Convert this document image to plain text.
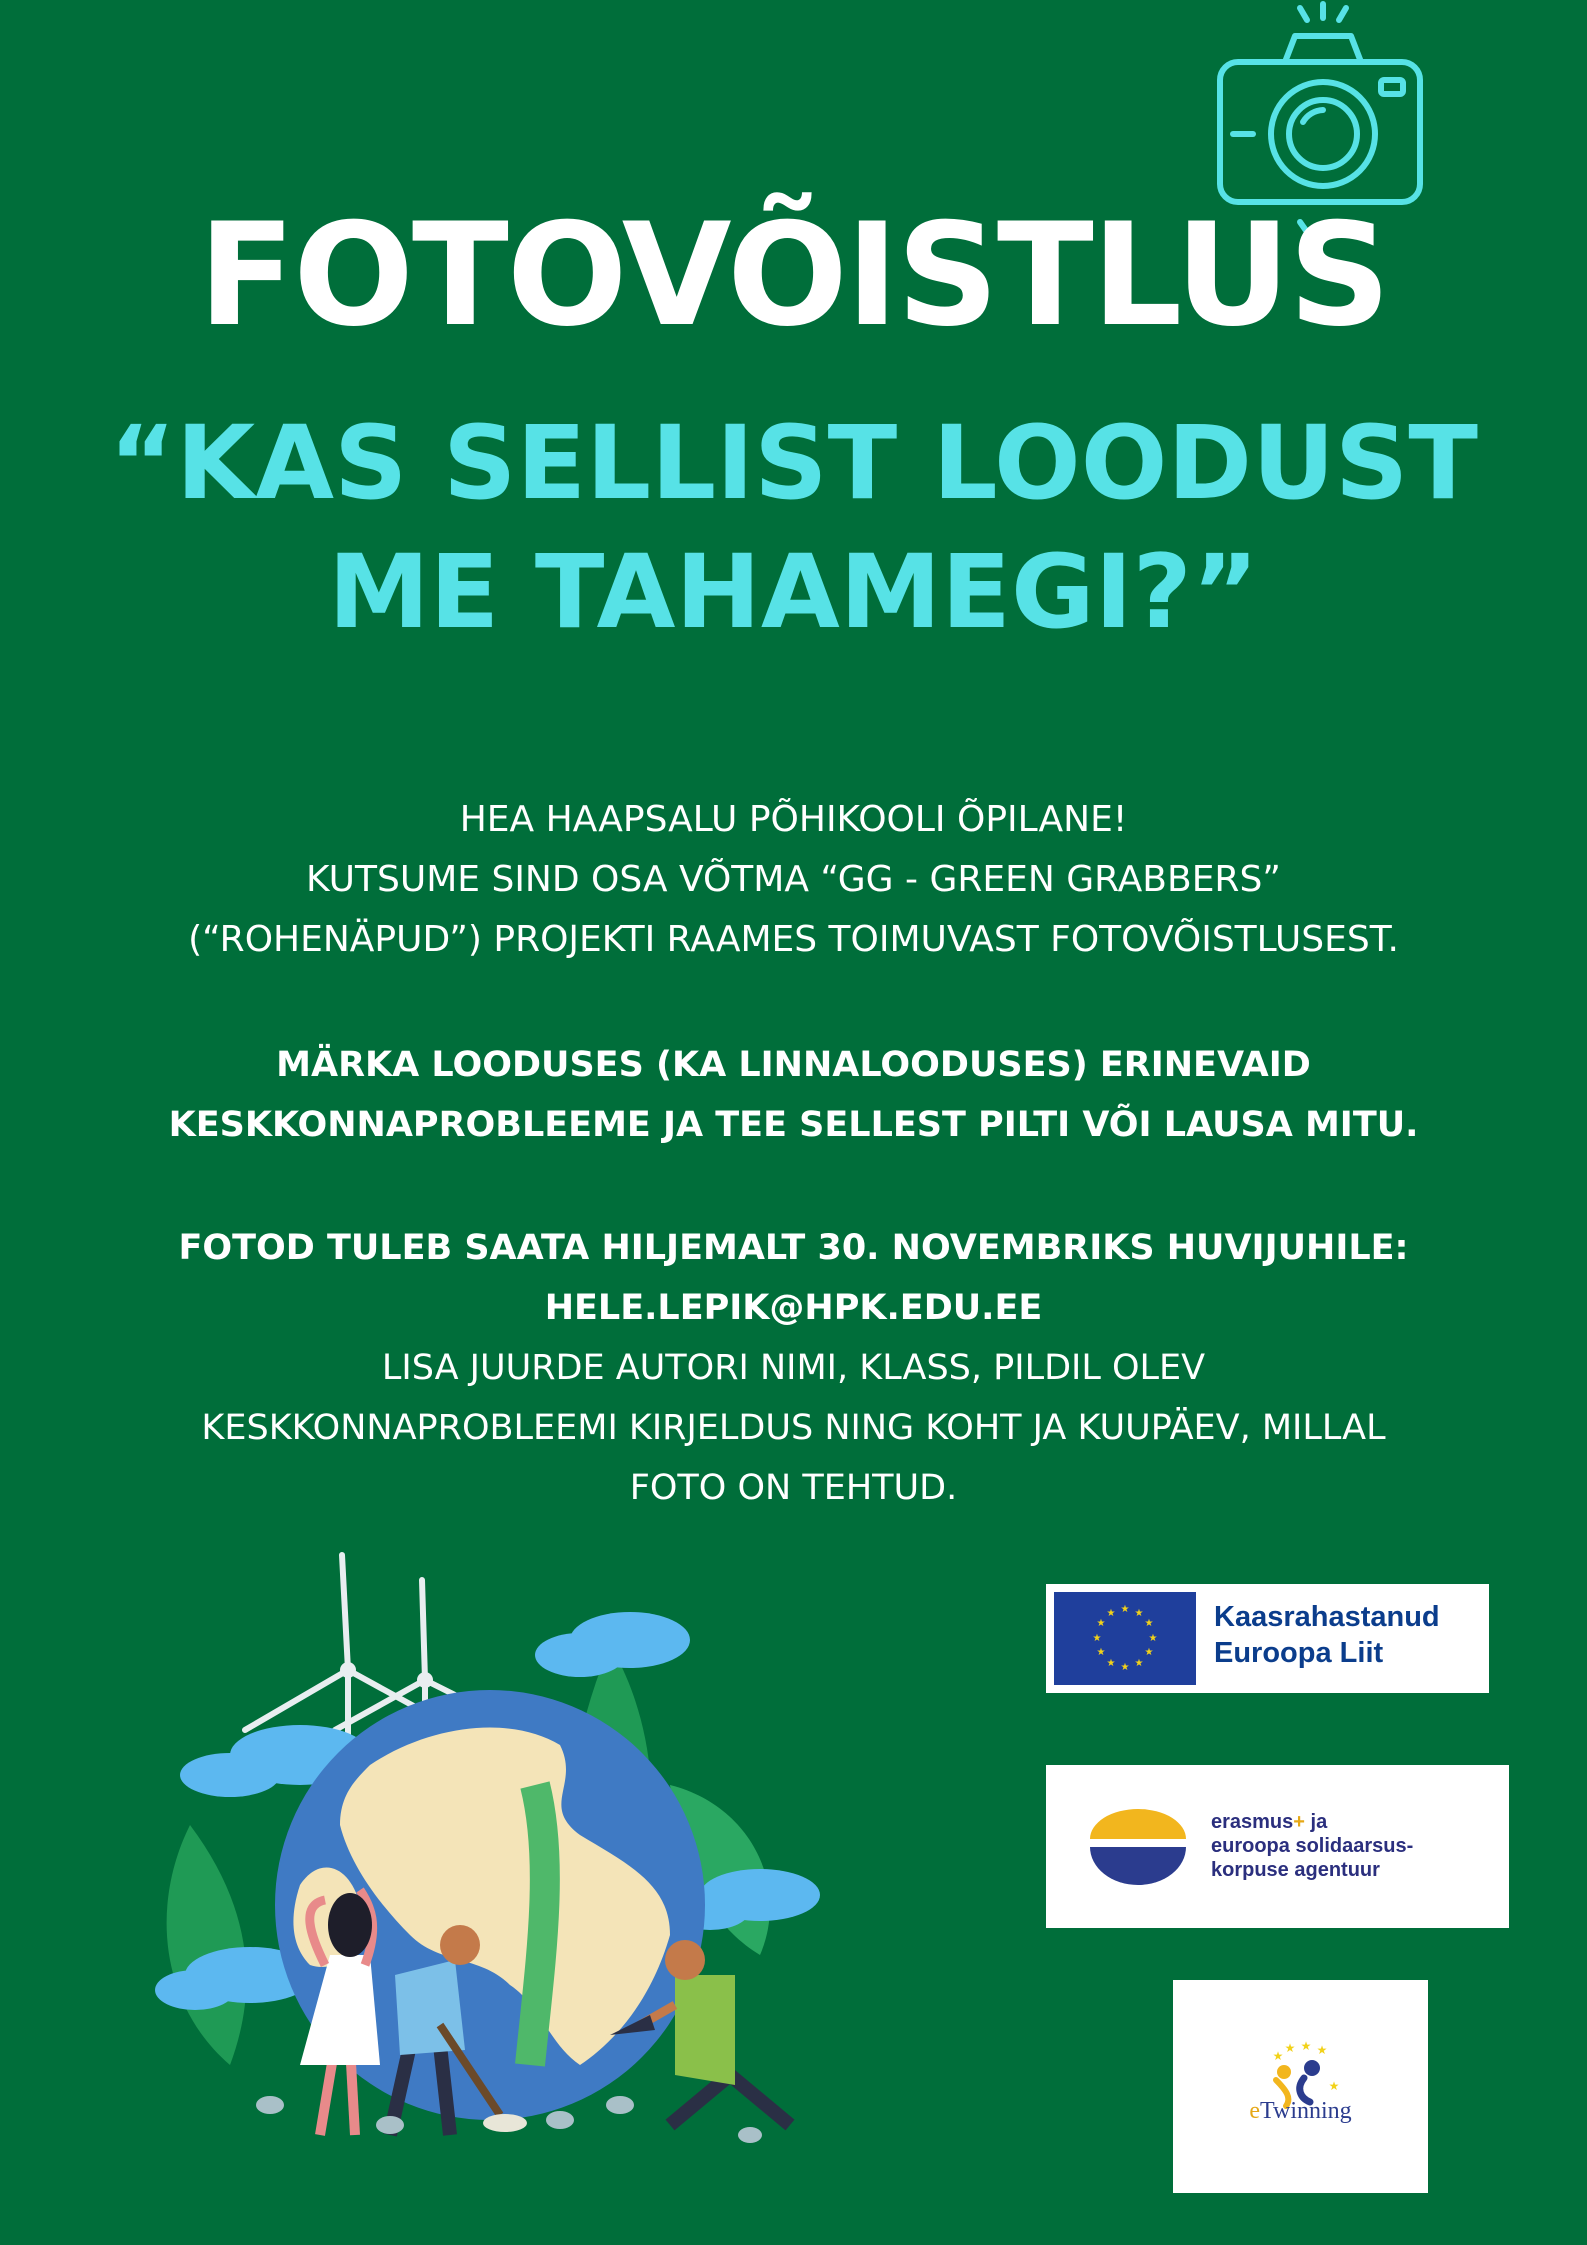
FOTOVÕISTLUS
“KAS SELLIST LOODUST
ME TAHAMEGI?”
HEA HAAPSALU PÕHIKOOLI ÕPILANE!
KUTSUME SIND OSA VÕTMA “GG - GREEN GRABBERS”
(“ROHENÄPUD”) PROJEKTI RAAMES TOIMUVAST FOTOVÕISTLUSEST.
MÄRKA LOODUSES (KA LINNALOODUSES) ERINEVAID
KESKKONNAPROBLEEME JA TEE SELLEST PILTI VÕI LAUSA MITU.
FOTOD TULEB SAATA HILJEMALT 30. NOVEMBRIKS HUVIJUHILE:
HELE.LEPIK@HPK.EDU.EE
LISA JUURDE AUTORI NIMI, KLASS, PILDIL OLEV
KESKKONNAPROBLEEMI KIRJELDUS NING KOHT JA KUUPÄEV, MILLAL
FOTO ON TEHTUD.
★ ★
★
★
★
★
★
★
★
★
★
★	Kaasrahastanud
Euroopa Liit
erasmus+ ja
euroopa solidaarsus-
korpuse agentuur
★
★ ★ ★
★
eTwinning
